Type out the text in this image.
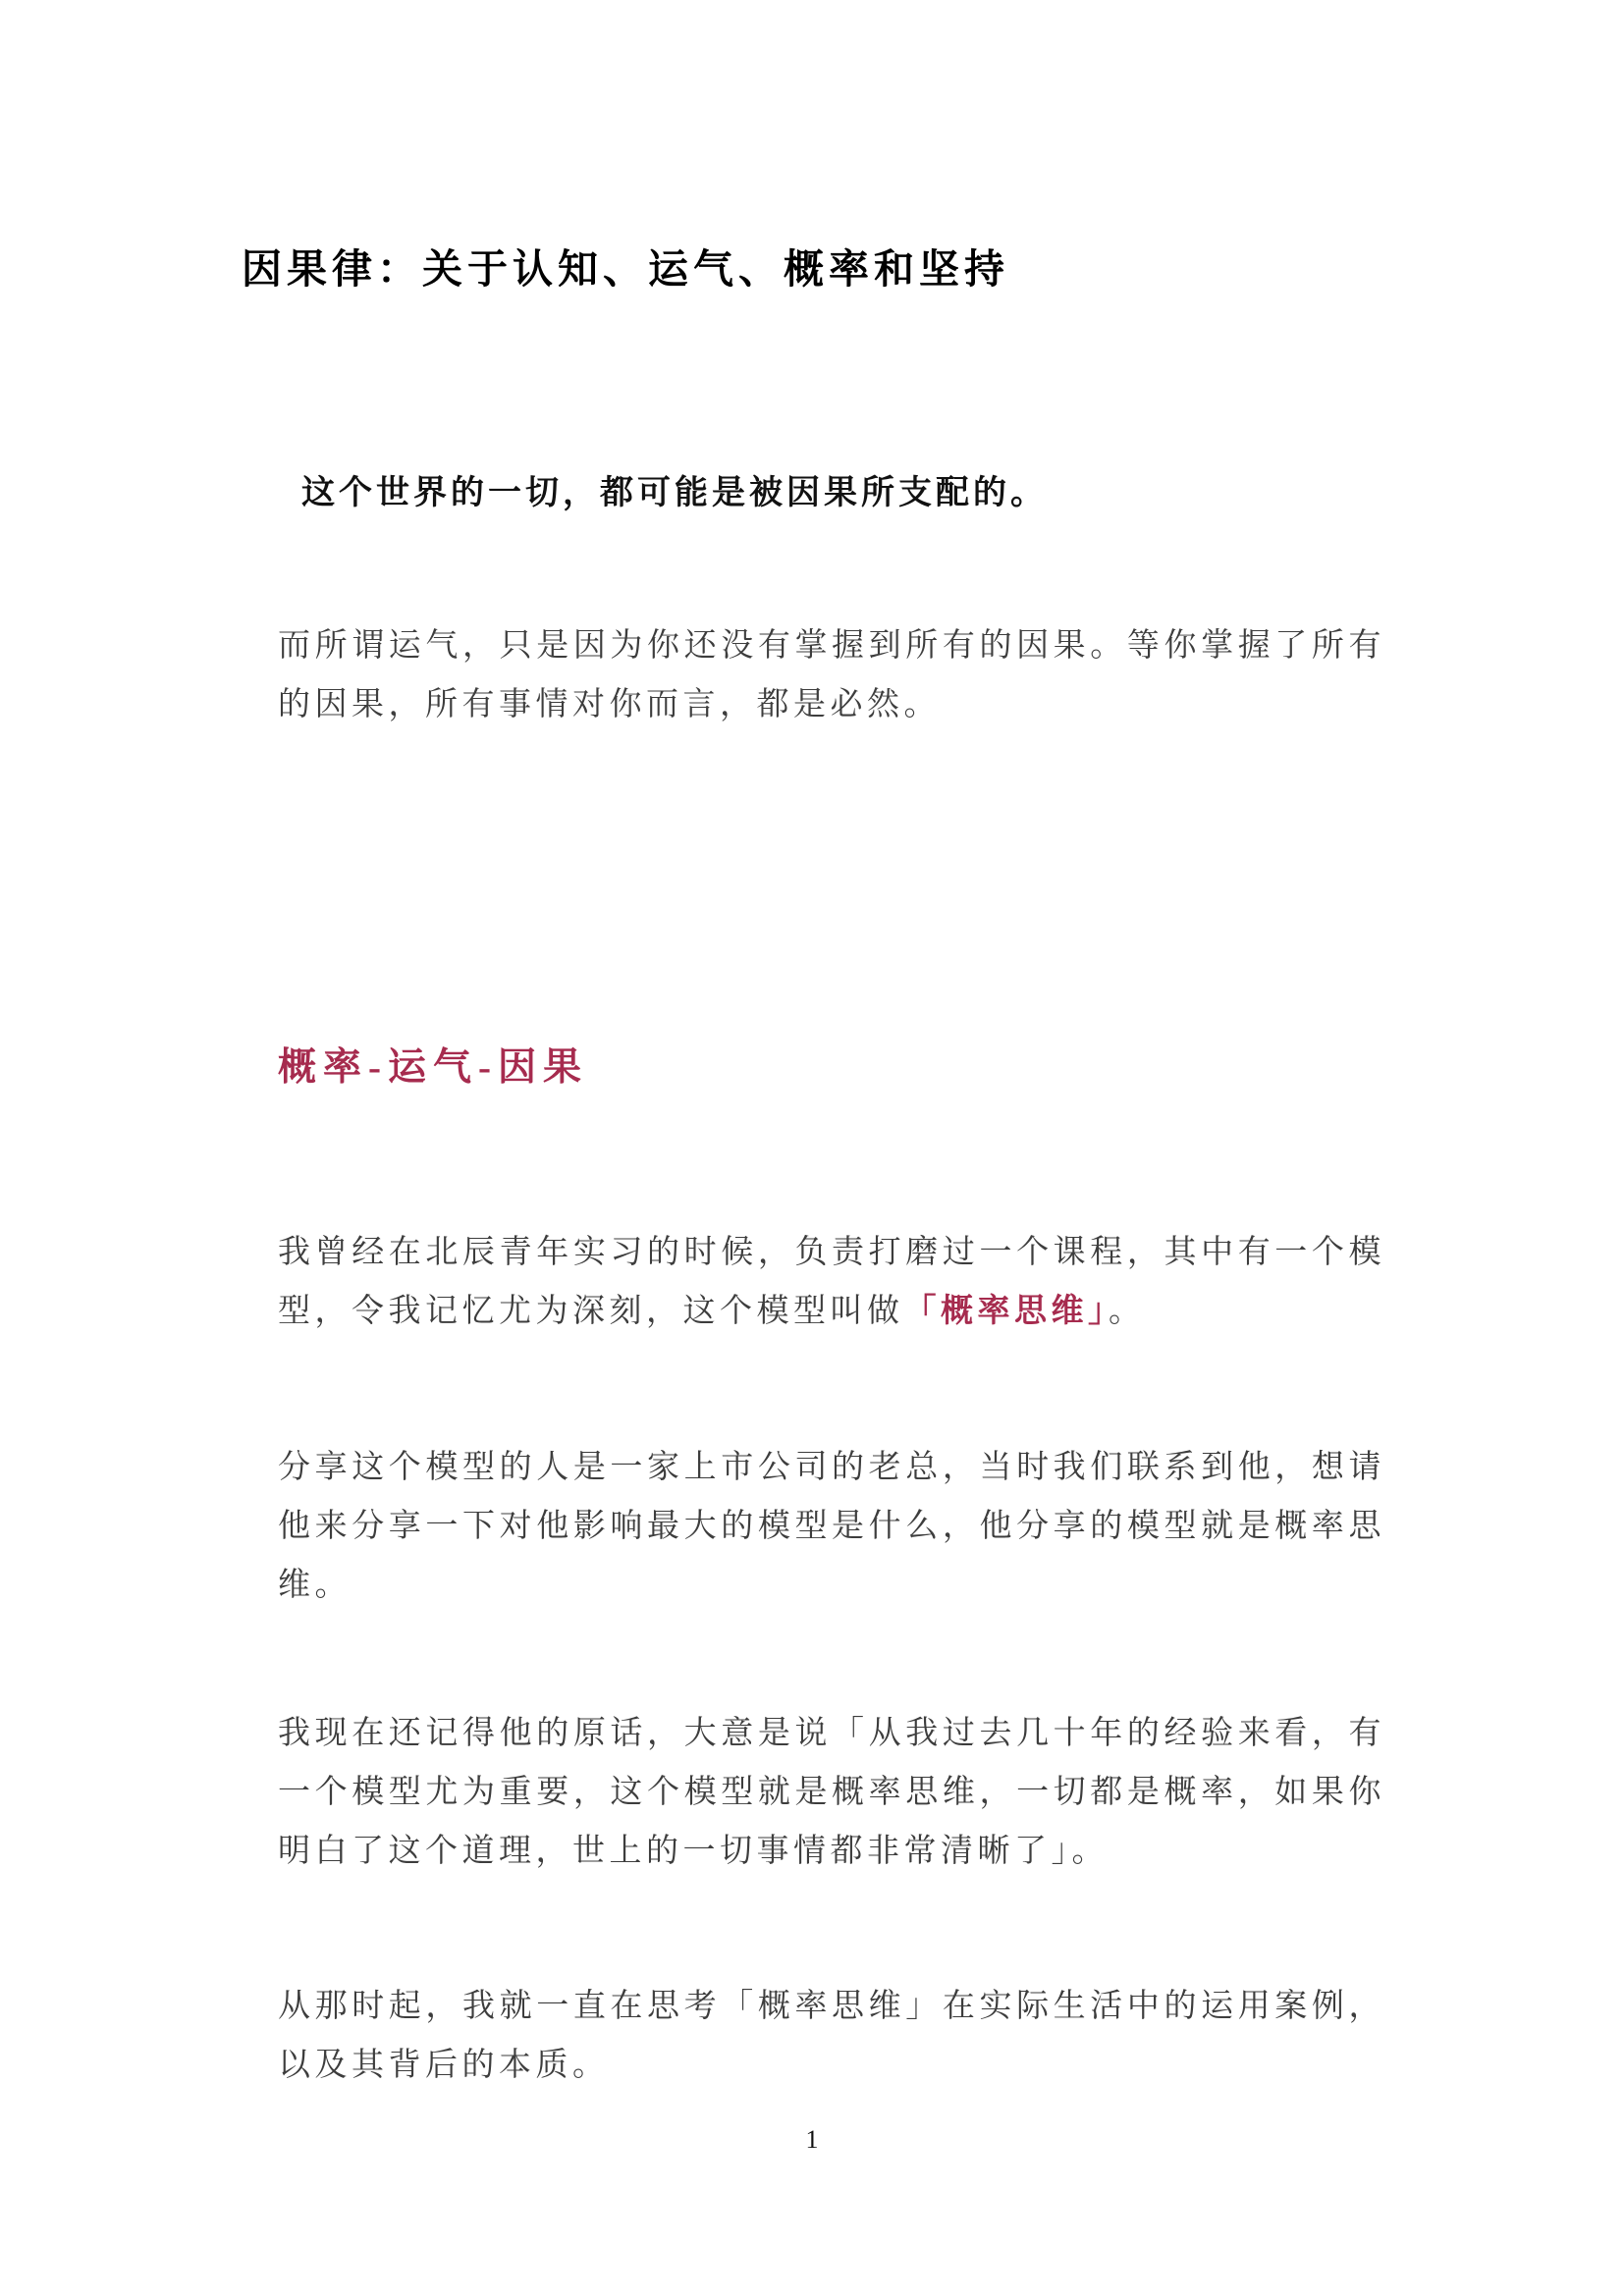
因果律：关于认知、运气、概率和坚持

这个世界的一切，都可能是被因果所支配的。

而所谓运气，只是因为你还没有掌握到所有的因果。等你掌握了所有的因果，所有事情对你而言，都是必然。

概率-运气-因果

我曾经在北辰青年实习的时候，负责打磨过一个课程，其中有一个模型，令我记忆尤为深刻，这个模型叫做「概率思维」。

分享这个模型的人是一家上市公司的老总，当时我们联系到他，想请他来分享一下对他影响最大的模型是什么，他分享的模型就是概率思维。

我现在还记得他的原话，大意是说「从我过去几十年的经验来看，有一个模型尤为重要，这个模型就是概率思维，一切都是概率，如果你明白了这个道理，世上的一切事情都非常清晰了」。

从那时起，我就一直在思考「概率思维」在实际生活中的运用案例，以及其背后的本质。

1
